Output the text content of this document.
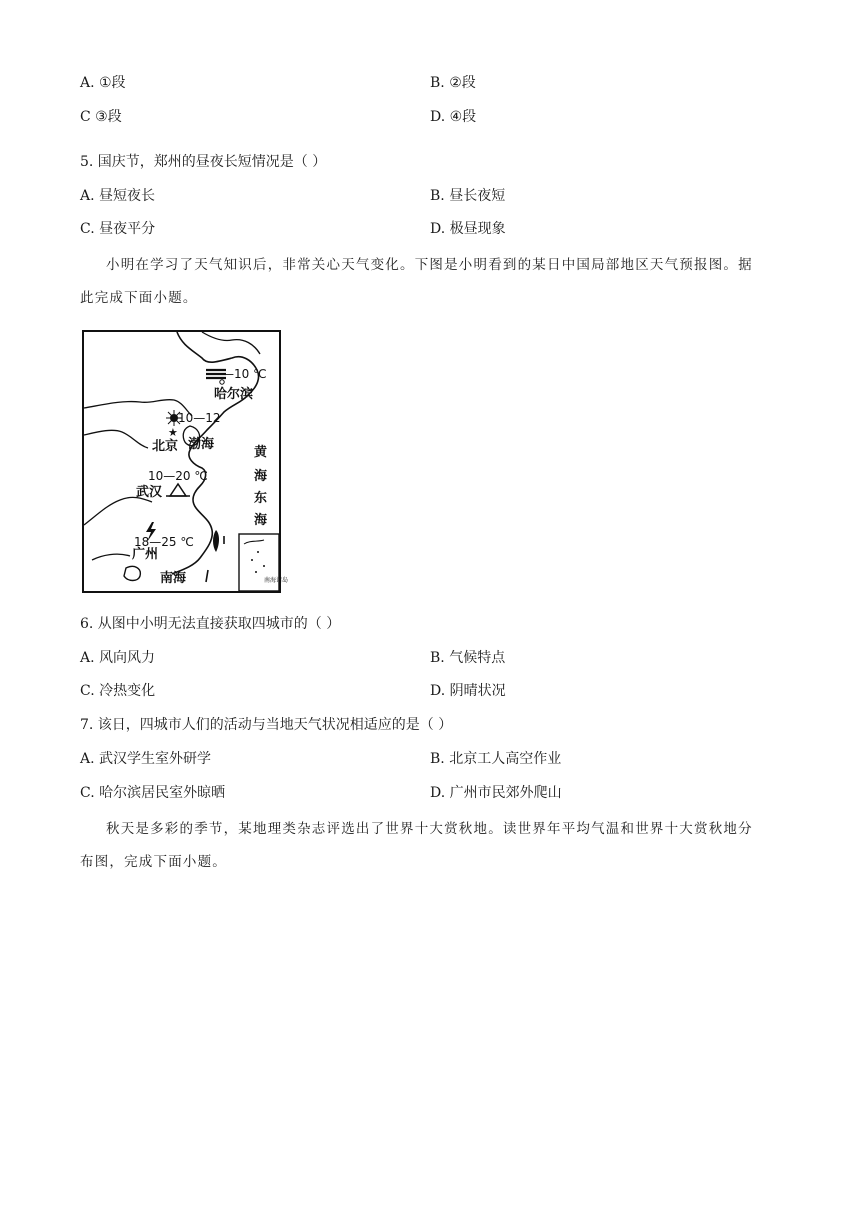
A. ①段	B. ②段
C ③段	D. ④段
5. 国庆节，郑州的昼夜长短情况是（ ）
A. 昼短夜长	B. 昼长夜短
C. 昼夜平分	D. 极昼现象
小明在学习了天气知识后，非常关心天气变化。下图是小明看到的某日中国局部地区天气预报图。据
此完成下面小题。
南海诸岛
—10 ℃
哈尔滨
10—12
★
北京 渤海
黄
海
10—20 ℃
武汉	东
海
18—25 ℃
广州
南海
6. 从图中小明无法直接获取四城市的（ ）
A. 风向风力	B. 气候特点
C. 冷热变化	D. 阴晴状况
7. 该日，四城市人们的活动与当地天气状况相适应的是（ ）
A. 武汉学生室外研学	B. 北京工人高空作业
C. 哈尔滨居民室外晾晒	D. 广州市民郊外爬山
秋天是多彩的季节，某地理类杂志评选出了世界十大赏秋地。读世界年平均气温和世界十大赏秋地分
布图，完成下面小题。
